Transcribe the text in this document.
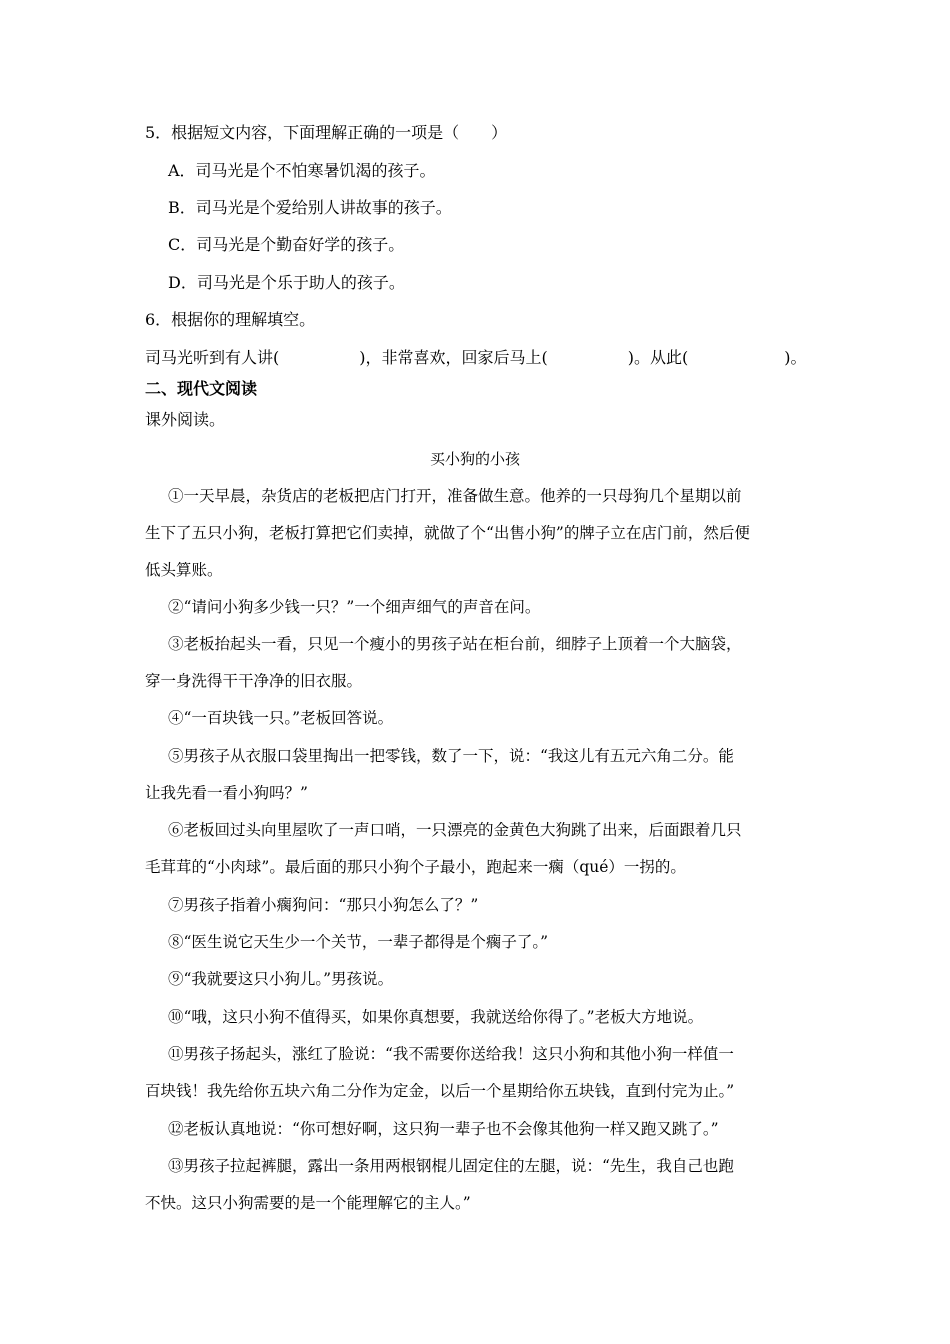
5．根据短文内容，下面理解正确的一项是（　　）
A．司马光是个不怕寒暑饥渴的孩子。
B．司马光是个爱给别人讲故事的孩子。
C．司马光是个勤奋好学的孩子。
D．司马光是个乐于助人的孩子。
6．根据你的理解填空。
司马光听到有人讲(　　　　　)，非常喜欢，回家后马上(　　　　　)。从此(　　　　　　)。
二、现代文阅读
课外阅读。
买小狗的小孩
①一天早晨，杂货店的老板把店门打开，准备做生意。他养的一只母狗几个星期以前
生下了五只小狗，老板打算把它们卖掉，就做了个“出售小狗”的牌子立在店门前，然后便
低头算账。
②“请问小狗多少钱一只？”一个细声细气的声音在问。
③老板抬起头一看，只见一个瘦小的男孩子站在柜台前，细脖子上顶着一个大脑袋，
穿一身洗得干干净净的旧衣服。
④“一百块钱一只。”老板回答说。
⑤男孩子从衣服口袋里掏出一把零钱，数了一下，说：“我这儿有五元六角二分。能
让我先看一看小狗吗？”
⑥老板回过头向里屋吹了一声口哨，一只漂亮的金黄色大狗跳了出来，后面跟着几只
毛茸茸的“小肉球”。最后面的那只小狗个子最小，跑起来一瘸（qué）一拐的。
⑦男孩子指着小瘸狗问：“那只小狗怎么了？”
⑧“医生说它天生少一个关节，一辈子都得是个瘸子了。”
⑨“我就要这只小狗儿。”男孩说。
⑩“哦，这只小狗不值得买，如果你真想要，我就送给你得了。”老板大方地说。
⑪男孩子扬起头，涨红了脸说：“我不需要你送给我！这只小狗和其他小狗一样值一
百块钱！我先给你五块六角二分作为定金，以后一个星期给你五块钱，直到付完为止。”
⑫老板认真地说：“你可想好啊，这只狗一辈子也不会像其他狗一样又跑又跳了。”
⑬男孩子拉起裤腿，露出一条用两根钢棍儿固定住的左腿，说：“先生，我自己也跑
不快。这只小狗需要的是一个能理解它的主人。”
